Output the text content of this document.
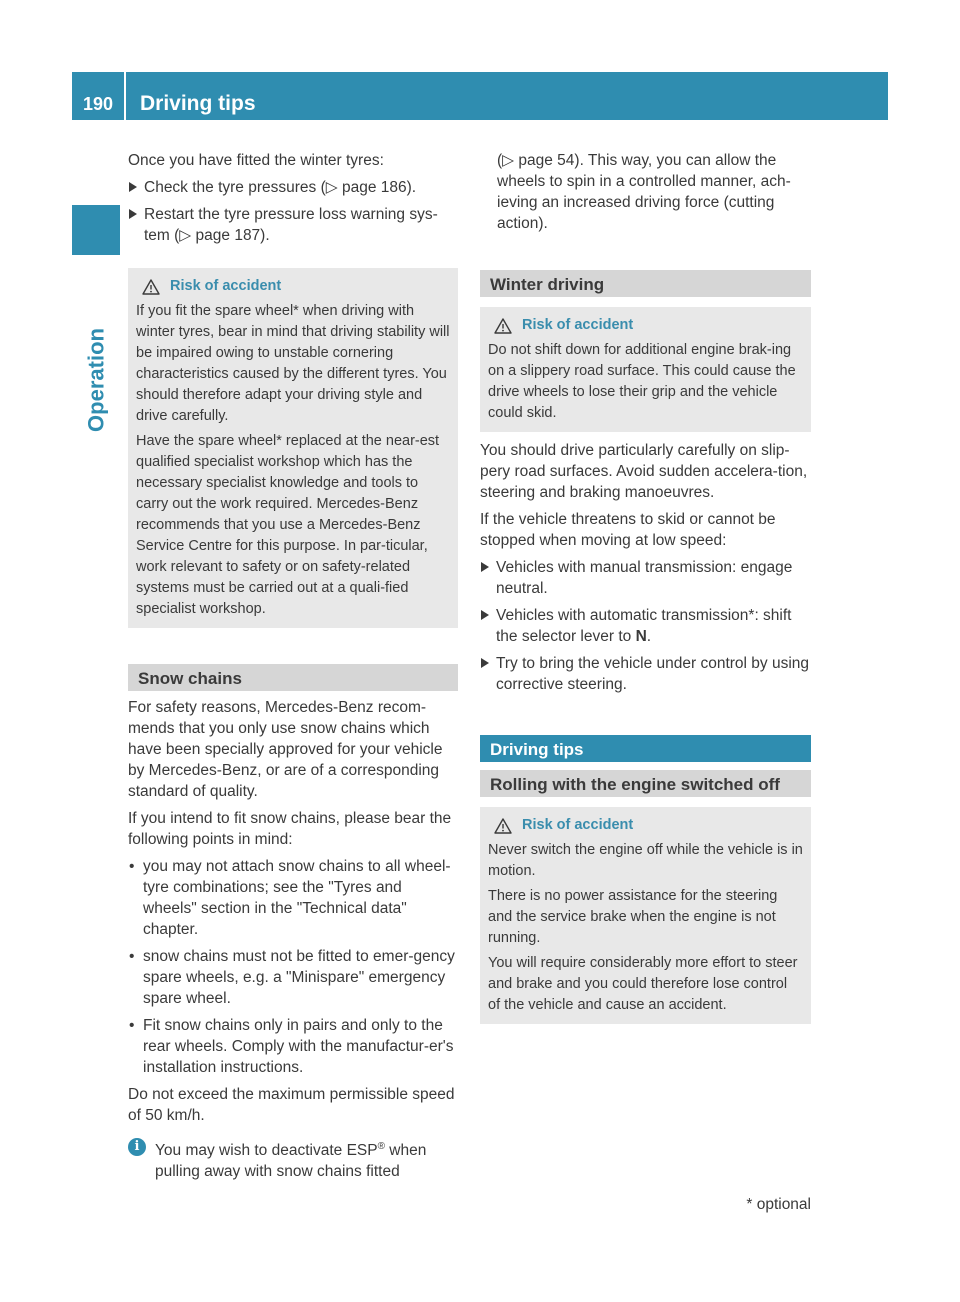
190	Driving tips
Operation

Once you have fitted the winter tyres:

Check the tyre pressures (▷ page 186).
Restart the tyre pressure loss warning sys-tem (▷ page 187).
Risk of accident

If you fit the spare wheel* when driving with winter tyres, bear in mind that driving stability will be impaired owing to unstable cornering characteristics caused by the different tyres. You should therefore adapt your driving style and drive carefully.

Have the spare wheel* replaced at the near-est qualified specialist workshop which has the necessary specialist knowledge and tools to carry out the work required. Mercedes-Benz recommends that you use a Mercedes-Benz Service Centre for this purpose. In par-ticular, work relevant to safety or on safety-related systems must be carried out at a quali-fied specialist workshop.

Snow chains

For safety reasons, Mercedes-Benz recom-mends that you only use snow chains which have been specially approved for your vehicle by Mercedes-Benz, or are of a corresponding standard of quality.

If you intend to fit snow chains, please bear the following points in mind:

• you may not attach snow chains to all wheel-tyre combinations; see the "Tyres and wheels" section in the "Technical data" chapter.
• snow chains must not be fitted to emer-gency spare wheels, e.g. a "Minispare" emergency spare wheel.
• Fit snow chains only in pairs and only to the rear wheels. Comply with the manufactur-er's installation instructions.

Do not exceed the maximum permissible speed of 50 km/h.

i	You may wish to deactivate ESP® when pulling away with snow chains fitted

(▷ page 54). This way, you can allow the wheels to spin in a controlled manner, ach-ieving an increased driving force (cutting action).

Winter driving
Risk of accident

Do not shift down for additional engine brak-ing on a slippery road surface. This could cause the drive wheels to lose their grip and the vehicle could skid.

You should drive particularly carefully on slip-pery road surfaces. Avoid sudden accelera-tion, steering and braking manoeuvres.

If the vehicle threatens to skid or cannot be stopped when moving at low speed:

Vehicles with manual transmission: engage neutral.
Vehicles with automatic transmission*: shift the selector lever to N.
Try to bring the vehicle under control by using corrective steering.
Driving tips
Rolling with the engine switched off
Risk of accident

Never switch the engine off while the vehicle is in motion.

There is no power assistance for the steering and the service brake when the engine is not running.

You will require considerably more effort to steer and brake and you could therefore lose control of the vehicle and cause an accident.

* optional
